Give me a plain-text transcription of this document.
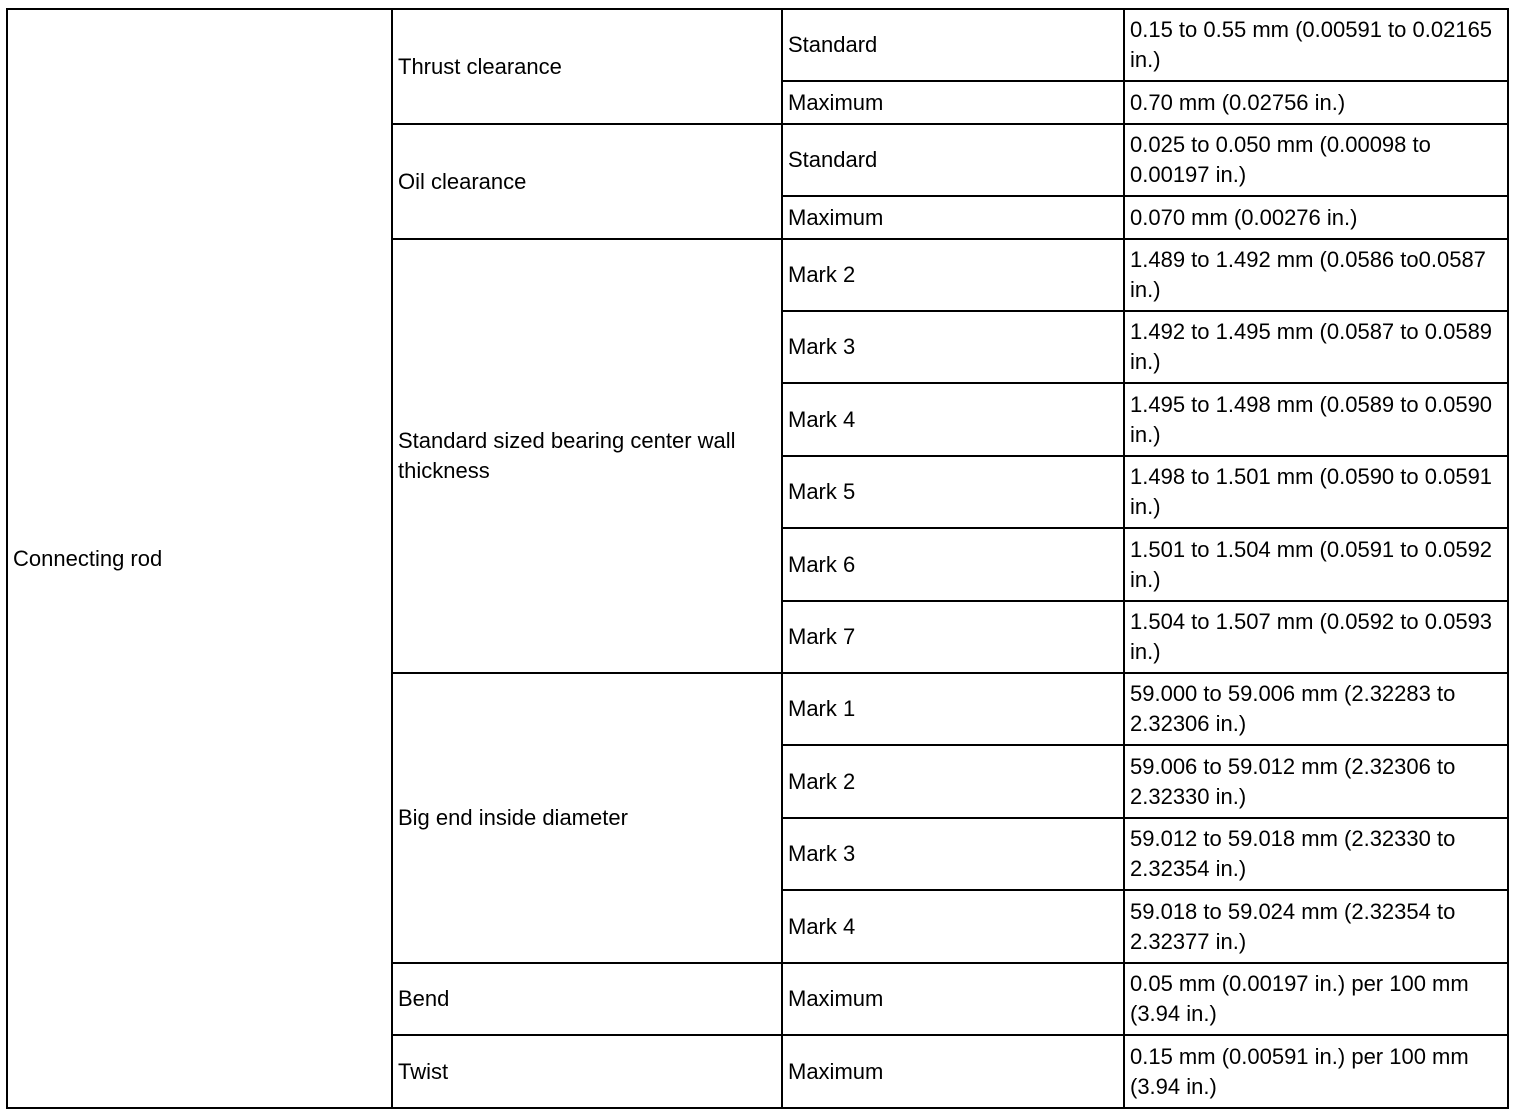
Connecting rod	Thrust clearance	Standard	0.15 to 0.55 mm (0.00591 to 0.02165 in.)
		Maximum	0.70 mm (0.02756 in.)
	Oil clearance	Standard	0.025 to 0.050 mm (0.00098 to 0.00197 in.)
		Maximum	0.070 mm (0.00276 in.)
	Standard sized bearing center wall thickness	Mark 2	1.489 to 1.492 mm (0.0586 to0.0587 in.)
		Mark 3	1.492 to 1.495 mm (0.0587 to 0.0589 in.)
		Mark 4	1.495 to 1.498 mm (0.0589 to 0.0590 in.)
		Mark 5	1.498 to 1.501 mm (0.0590 to 0.0591 in.)
		Mark 6	1.501 to 1.504 mm (0.0591 to 0.0592 in.)
		Mark 7	1.504 to 1.507 mm (0.0592 to 0.0593 in.)
	Big end inside diameter	Mark 1	59.000 to 59.006 mm (2.32283 to 2.32306 in.)
		Mark 2	59.006 to 59.012 mm (2.32306 to 2.32330 in.)
		Mark 3	59.012 to 59.018 mm (2.32330 to 2.32354 in.)
		Mark 4	59.018 to 59.024 mm (2.32354 to 2.32377 in.)
	Bend	Maximum	0.05 mm (0.00197 in.) per 100 mm (3.94 in.)
	Twist	Maximum	0.15 mm (0.00591 in.) per 100 mm (3.94 in.)
